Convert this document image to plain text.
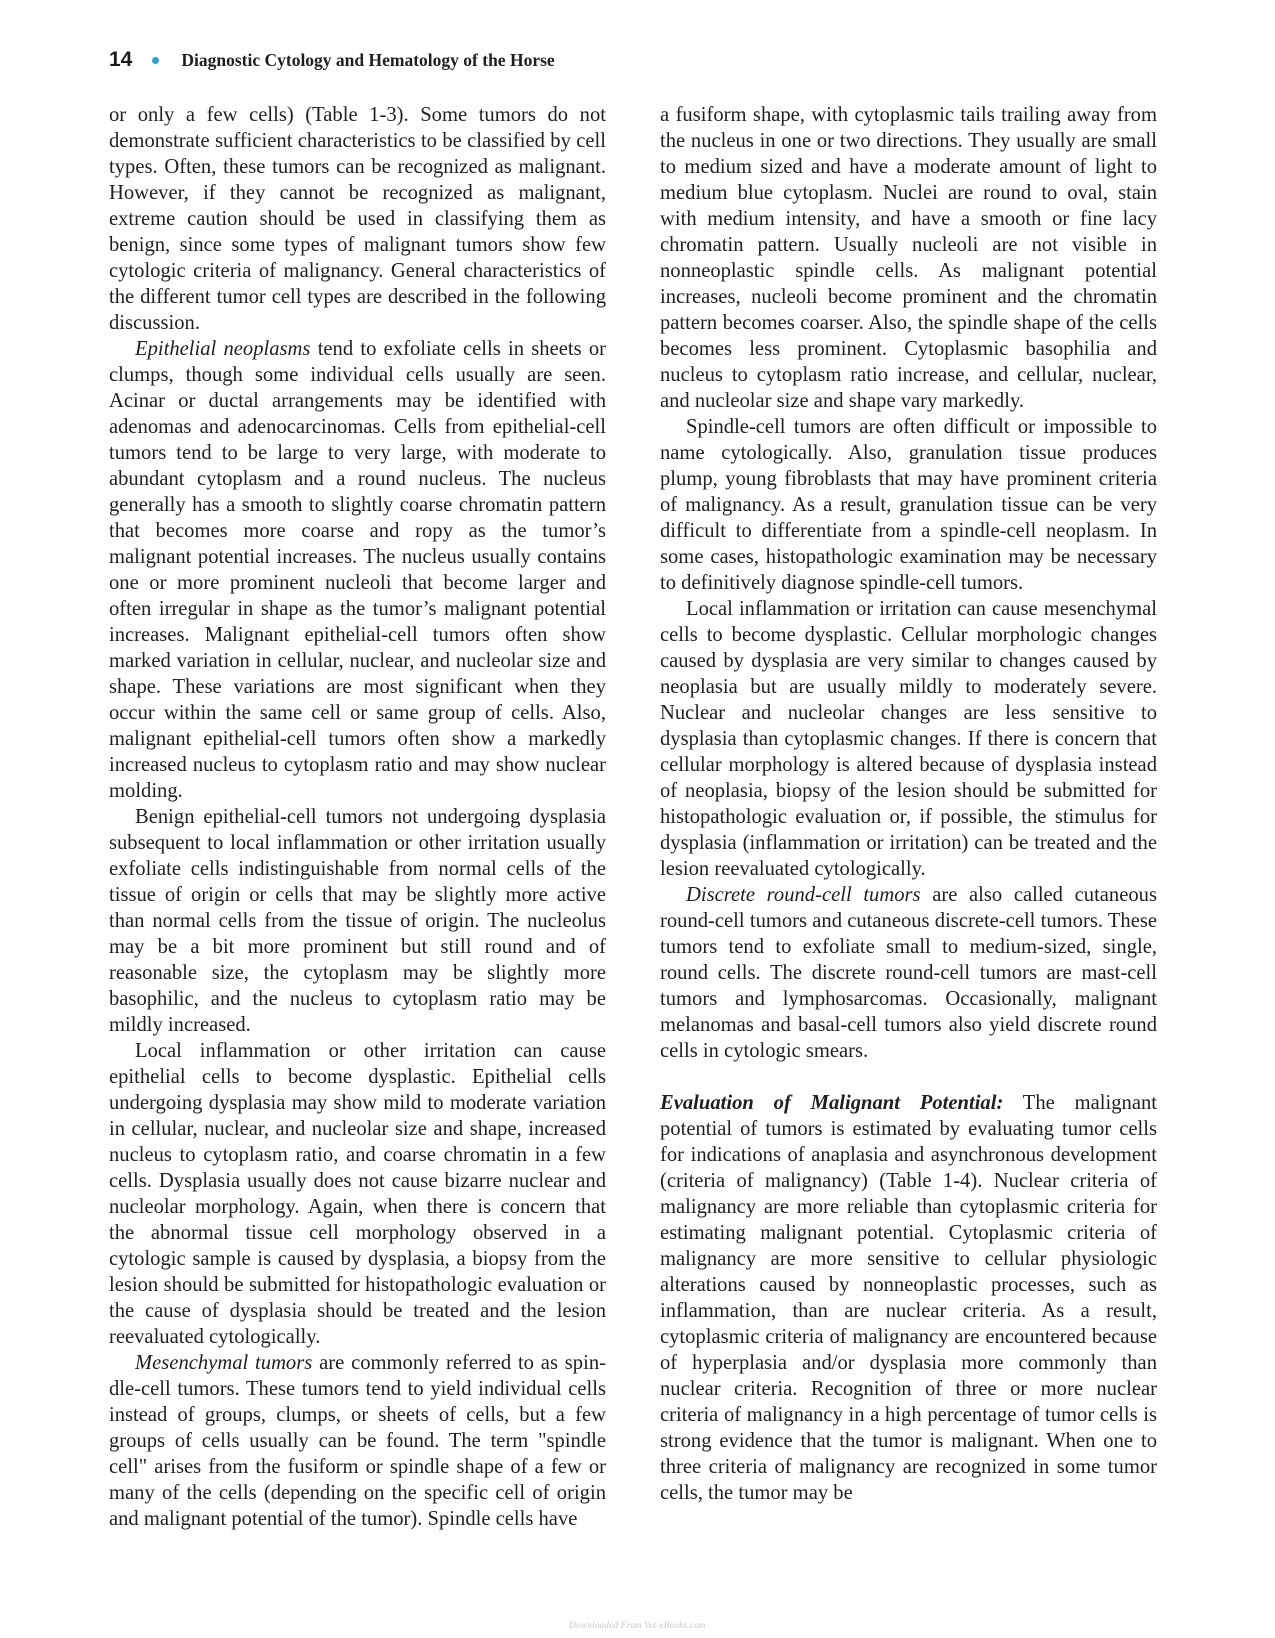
14	Diagnostic Cytology and Hematology of the Horse

or only a few cells) (Table 1-3). Some tumors do not demonstrate sufficient characteristics to be classified by cell types. Often, these tumors can be recognized as malignant. However, if they cannot be recognized as malignant, extreme caution should be used in classifying them as benign, since some types of malignant tumors show few cytologic criteria of malignancy. General characteristics of the different tumor cell types are described in the following discussion.

Epithelial neoplasms tend to exfoliate cells in sheets or clumps, though some individual cells usually are seen. Acinar or ductal arrangements may be identified with adenomas and adenocarcinomas. Cells from epithelial-cell tumors tend to be large to very large, with moderate to abundant cytoplasm and a round nucleus. The nucleus generally has a smooth to slightly coarse chromatin pattern that becomes more coarse and ropy as the tumor’s malignant potential increases. The nucleus usually contains one or more prominent nucleoli that become larger and often irregular in shape as the tumor’s malignant potential increases. Malignant epithelial-cell tumors often show marked variation in cellular, nuclear, and nucleolar size and shape. These variations are most significant when they occur within the same cell or same group of cells. Also, malignant epithelial-cell tumors often show a markedly increased nucleus to cytoplasm ratio and may show nuclear molding.

Benign epithelial-cell tumors not undergoing dysplasia subsequent to local inflammation or other irritation usually exfoliate cells indistinguishable from normal cells of the tissue of origin or cells that may be slightly more active than normal cells from the tissue of origin. The nucleolus may be a bit more prominent but still round and of reasonable size, the cytoplasm may be slightly more basophilic, and the nucleus to cytoplasm ratio may be mildly increased.

Local inflammation or other irritation can cause epithelial cells to become dysplastic. Epithelial cells undergoing dysplasia may show mild to moderate variation in cellular, nuclear, and nucleolar size and shape, increased nucleus to cytoplasm ratio, and coarse chromatin in a few cells. Dysplasia usually does not cause bizarre nuclear and nucleolar morphology. Again, when there is concern that the abnormal tissue cell morphology observed in a cytologic sample is caused by dysplasia, a biopsy from the lesion should be submitted for histopathologic evaluation or the cause of dysplasia should be treated and the lesion reevaluated cytologically.

Mesenchymal tumors are commonly referred to as spindle-cell tumors. These tumors tend to yield individual cells instead of groups, clumps, or sheets of cells, but a few groups of cells usually can be found. The term "spindle cell" arises from the fusiform or spindle shape of a few or many of the cells (depending on the specific cell of origin and malignant potential of the tumor). Spindle cells have

a fusiform shape, with cytoplasmic tails trailing away from the nucleus in one or two directions. They usually are small to medium sized and have a moderate amount of light to medium blue cytoplasm. Nuclei are round to oval, stain with medium intensity, and have a smooth or fine lacy chromatin pattern. Usually nucleoli are not visible in nonneoplastic spindle cells. As malignant potential increases, nucleoli become prominent and the chromatin pattern becomes coarser. Also, the spindle shape of the cells becomes less prominent. Cytoplasmic basophilia and nucleus to cytoplasm ratio increase, and cellular, nuclear, and nucleolar size and shape vary markedly.

Spindle-cell tumors are often difficult or impossible to name cytologically. Also, granulation tissue produces plump, young fibroblasts that may have prominent criteria of malignancy. As a result, granulation tissue can be very difficult to differentiate from a spindle-cell neoplasm. In some cases, histopathologic examination may be necessary to definitively diagnose spindle-cell tumors.

Local inflammation or irritation can cause mesenchymal cells to become dysplastic. Cellular morphologic changes caused by dysplasia are very similar to changes caused by neoplasia but are usually mildly to moderately severe. Nuclear and nucleolar changes are less sensitive to dysplasia than cytoplasmic changes. If there is concern that cellular morphology is altered because of dysplasia instead of neoplasia, biopsy of the lesion should be submitted for histopathologic evaluation or, if possible, the stimulus for dysplasia (inflammation or irritation) can be treated and the lesion reevaluated cytologically.

Discrete round-cell tumors are also called cutaneous round-cell tumors and cutaneous discrete-cell tumors. These tumors tend to exfoliate small to medium-sized, single, round cells. The discrete round-cell tumors are mast-cell tumors and lymphosarcomas. Occasionally, malignant melanomas and basal-cell tumors also yield discrete round cells in cytologic smears.

Evaluation of Malignant Potential: The malignant potential of tumors is estimated by evaluating tumor cells for indications of anaplasia and asynchronous development (criteria of malignancy) (Table 1-4). Nuclear criteria of malignancy are more reliable than cytoplasmic criteria for estimating malignant potential. Cytoplasmic criteria of malignancy are more sensitive to cellular physiologic alterations caused by nonneoplastic processes, such as inflammation, than are nuclear criteria. As a result, cytoplasmic criteria of malignancy are encountered because of hyperplasia and/or dysplasia more commonly than nuclear criteria. Recognition of three or more nuclear criteria of malignancy in a high percentage of tumor cells is strong evidence that the tumor is malignant. When one to three criteria of malignancy are recognized in some tumor cells, the tumor may be

Downloaded From Vet-eBooks.com
